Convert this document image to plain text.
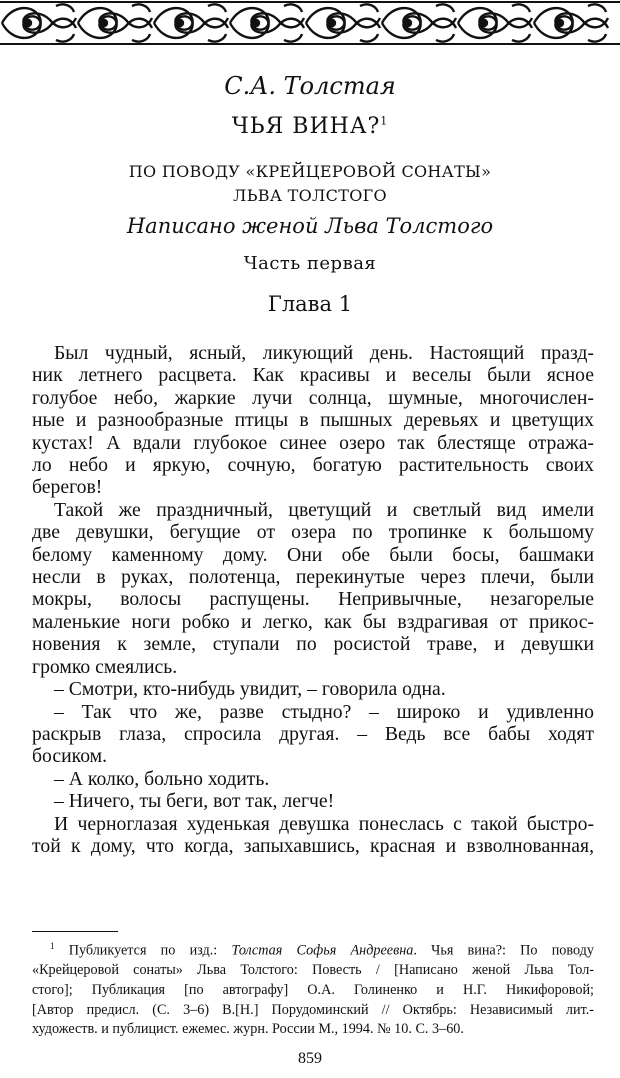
С.А. Толстая
ЧЬЯ ВИНА?$^1$
ПО ПОВОДУ «КРЕЙЦЕРОВОЙ СОНАТЫ»
ЛЬВА ТОЛСТОГО
Написано женой Льва Толстого
Часть первая
Глава 1
Был чудный, ясный, ликующий день. Настоящий празд-
ник летнего расцвета. Как красивы и веселы были ясное
голубое небо, жаркие лучи солнца, шумные, многочислен-
ные и разнообразные птицы в пышных деревьях и цветущих
кустах! А вдали глубокое синее озеро так блестяще отража-
ло небо и яркую, сочную, богатую растительность своих
берегов!
Такой же праздничный, цветущий и светлый вид имели
две девушки, бегущие от озера по тропинке к большому
белому каменному дому. Они обе были босы, башмаки
несли в руках, полотенца, перекинутые через плечи, были
мокры, волосы распущены. Непривычные, незагорелые
маленькие ноги робко и легко, как бы вздрагивая от прикос-
новения к земле, ступали по росистой траве, и девушки
громко смеялись.
– Смотри, кто-нибудь увидит, – говорила одна.
– Так что же, разве стыдно? – широко и удивленно
раскрыв глаза, спросила другая. – Ведь все бабы ходят
босиком.
– А колко, больно ходить.
– Ничего, ты беги, вот так, легче!
И черноглазая худенькая девушка понеслась с такой быстро-
той к дому, что когда, запыхавшись, красная и взволнованная,
$^1$ Публикуется по изд.: Толстая Софья Андреевна. Чья вина?: По поводу
«Крейцеровой сонаты» Льва Толстого: Повесть / [Написано женой Льва Тол-
стого]; Публикация [по автографу] О.А. Голиненко и Н.Г. Никифоровой;
[Автор предисл. (С. 3–6) В.[Н.] Порудоминский // Октябрь: Независимый лит.-
художеств. и публицист. ежемес. журн. России М., 1994. № 10. С. 3–60.
859
